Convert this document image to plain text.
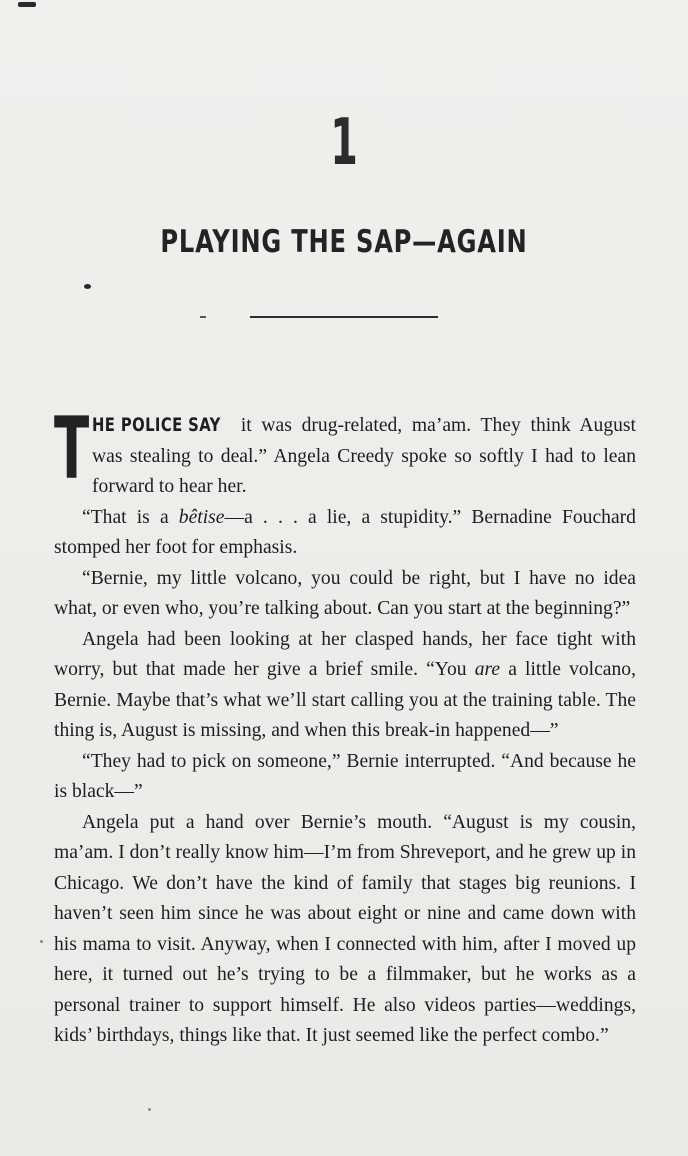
1
PLAYING THE SAP—AGAIN

T HE POLICE SAY it was drug-related, ma’am. They think August was stealing to deal.” Angela Creedy spoke so softly I had to lean forward to hear her.

“That is a bêtise—a . . . a lie, a stupidity.” Bernadine Fouchard stomped her foot for emphasis.

“Bernie, my little volcano, you could be right, but I have no idea what, or even who, you’re talking about. Can you start at the beginning?”

Angela had been looking at her clasped hands, her face tight with worry, but that made her give a brief smile. “You are a little volcano, Bernie. Maybe that’s what we’ll start calling you at the training table. The thing is, August is missing, and when this break-in happened—”

“They had to pick on someone,” Bernie interrupted. “And because he is black—”

Angela put a hand over Bernie’s mouth. “August is my cousin, ma’am. I don’t really know him—I’m from Shreveport, and he grew up in Chicago. We don’t have the kind of family that stages big reunions. I haven’t seen him since he was about eight or nine and came down with his mama to visit. Anyway, when I connected with him, after I moved up here, it turned out he’s trying to be a filmmaker, but he works as a personal trainer to support himself. He also videos parties—weddings, kids’ birthdays, things like that. It just seemed like the perfect combo.”
